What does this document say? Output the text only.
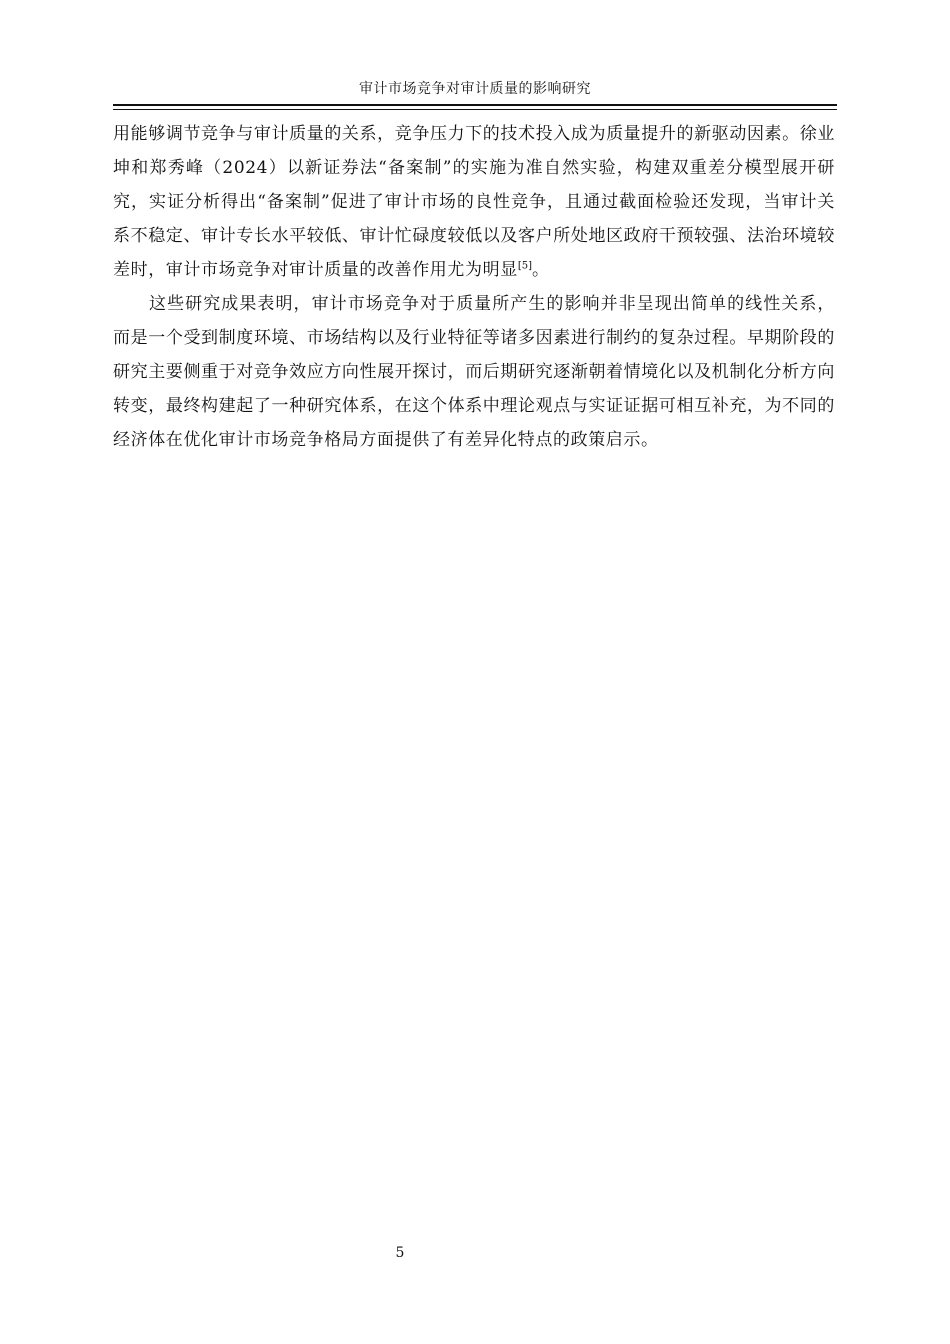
审计市场竞争对审计质量的影响研究

用能够调节竞争与审计质量的关系，竞争压力下的技术投入成为质量提升的新驱动因素。徐业坤和郑秀峰（2024）以新证券法“备案制”的实施为准自然实验，构建双重差分模型展开研究，实证分析得出“备案制”促进了审计市场的良性竞争，且通过截面检验还发现，当审计关系不稳定、审计专长水平较低、审计忙碌度较低以及客户所处地区政府干预较强、法治环境较差时，审计市场竞争对审计质量的改善作用尤为明显[5]。

这些研究成果表明，审计市场竞争对于质量所产生的影响并非呈现出简单的线性关系，而是一个受到制度环境、市场结构以及行业特征等诸多因素进行制约的复杂过程。早期阶段的研究主要侧重于对竞争效应方向性展开探讨，而后期研究逐渐朝着情境化以及机制化分析方向转变，最终构建起了一种研究体系，在这个体系中理论观点与实证证据可相互补充，为不同的经济体在优化审计市场竞争格局方面提供了有差异化特点的政策启示。

5
